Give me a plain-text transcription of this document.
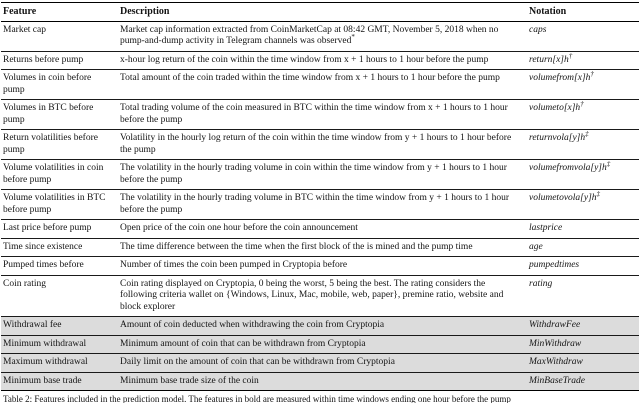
Feature	Description	Notation
Market cap	Market cap information extracted from CoinMarketCap at 08:42 GMT, November 5, 2018 when no pump-and-dump activity in Telegram channels was observed*	caps
Returns before pump	x-hour log return of the coin within the time window from x + 1 hours to 1 hour before the pump	return[x]h†
Volumes in coin before pump	Total amount of the coin traded within the time window from x + 1 hours to 1 hour before the pump	volumefrom[x]h†
Volumes in BTC before pump	Total trading volume of the coin measured in BTC within the time window from x + 1 hours to 1 hour before the pump	volumeto[x]h†
Return volatilities before pump	Volatility in the hourly log return of the coin within the time window from y + 1 hours to 1 hour before the pump	returnvola[y]h‡
Volume volatilities in coin before pump	The volatility in the hourly trading volume in coin within the time window from y + 1 hours to 1 hour before the pump	volumefromvola[y]h‡
Volume volatilities in BTC before pump	The volatility in the hourly trading volume in BTC within the time window from y + 1 hours to 1 hour before the pump	volumetovola[y]h‡
Last price before pump	Open price of the coin one hour before the coin announcement	lastprice
Time since existence	The time difference between the time when the first block of the is mined and the pump time	age
Pumped times before	Number of times the coin been pumped in Cryptopia before	pumpedtimes
Coin rating	Coin rating displayed on Cryptopia, 0 being the worst, 5 being the best. The rating considers the following criteria wallet on {Windows, Linux, Mac, mobile, web, paper}, premine ratio, website and block explorer	rating
Withdrawal fee	Amount of coin deducted when withdrawing the coin from Cryptopia	WithdrawFee
Minimum withdrawal	Minimum amount of coin that can be withdrawn from Cryptopia	MinWithdraw
Maximum withdrawal	Daily limit on the amount of coin that can be withdrawn from Cryptopia	MaxWithdraw
Minimum base trade	Minimum base trade size of the coin	MinBaseTrade
Table 2: Features included in the prediction model. The features in bold are measured within time windows ending one hour before the pump
